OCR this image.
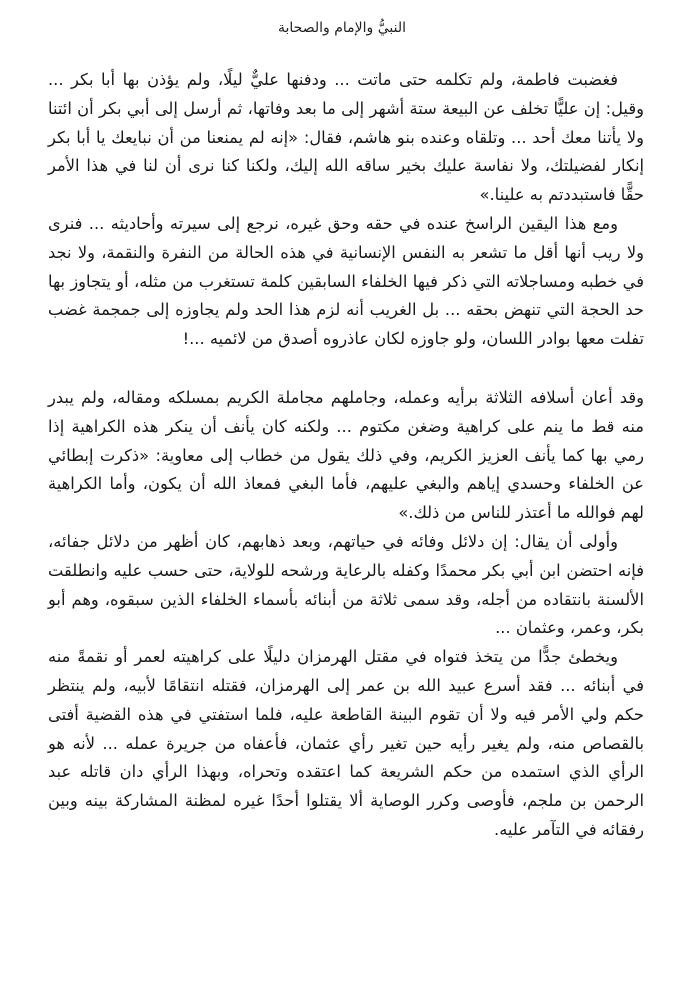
النبيُّ والإمام والصحابة

فغضبت فاطمة، ولم تكلمه حتى ماتت ... ودفنها عليٌّ ليلًا، ولم يؤذن بها أبا بكر ... وقيل: إن عليًّا تخلف عن البيعة ستة أشهر إلى ما بعد وفاتها، ثم أرسل إلى أبي بكر أن ائتنا ولا يأتنا معك أحد ... وتلقاه وعنده بنو هاشم، فقال: «إنه لم يمنعنا من أن نبايعك يا أبا بكر إنكار لفضيلتك، ولا نفاسة عليك بخير ساقه الله إليك، ولكنا كنا نرى أن لنا في هذا الأمر حقًّا فاستبددتم به علينا.»

ومع هذا اليقين الراسخ عنده في حقه وحق غيره، نرجع إلى سيرته وأحاديثه ... فنرى ولا ريب أنها أقل ما تشعر به النفس الإنسانية في هذه الحالة من النفرة والنقمة، ولا نجد في خطبه ومساجلاته التي ذكر فيها الخلفاء السابقين كلمة تستغرب من مثله، أو يتجاوز بها حد الحجة التي تنهض بحقه ... بل الغريب أنه لزم هذا الحد ولم يجاوزه إلى جمجمة غضب تفلت معها بوادر اللسان، ولو جاوزه لكان عاذروه أصدق من لائميه ...!

وقد أعان أسلافه الثلاثة برأيه وعمله، وجاملهم مجاملة الكريم بمسلكه ومقاله، ولم يبدر منه قط ما ينم على كراهية وضغن مكتوم ... ولكنه كان يأنف أن ينكر هذه الكراهية إذا رمي بها كما يأنف العزيز الكريم، وفي ذلك يقول من خطاب إلى معاوية: «ذكرت إبطائي عن الخلفاء وحسدي إياهم والبغي عليهم، فأما البغي فمعاذ الله أن يكون، وأما الكراهية لهم فوالله ما أعتذر للناس من ذلك.»

وأولى أن يقال: إن دلائل وفائه في حياتهم، وبعد ذهابهم، كان أظهر من دلائل جفائه، فإنه احتضن ابن أبي بكر محمدًا وكفله بالرعاية ورشحه للولاية، حتى حسب عليه وانطلقت الألسنة بانتقاده من أجله، وقد سمى ثلاثة من أبنائه بأسماء الخلفاء الذين سبقوه، وهم أبو بكر، وعمر، وعثمان ...

ويخطئ جدًّا من يتخذ فتواه في مقتل الهرمزان دليلًا على كراهيته لعمر أو نقمةً منه في أبنائه ... فقد أسرع عبيد الله بن عمر إلى الهرمزان، فقتله انتقامًا لأبيه، ولم ينتظر حكم ولي الأمر فيه ولا أن تقوم البينة القاطعة عليه، فلما استفتي في هذه القضية أفتى بالقصاص منه، ولم يغير رأيه حين تغير رأي عثمان، فأعفاه من جريرة عمله ... لأنه هو الرأي الذي استمده من حكم الشريعة كما اعتقده وتحراه، وبهذا الرأي دان قاتله عبد الرحمن بن ملجم، فأوصى وكرر الوصاية ألا يقتلوا أحدًا غيره لمظنة المشاركة بينه وبين رفقائه في التآمر عليه.
